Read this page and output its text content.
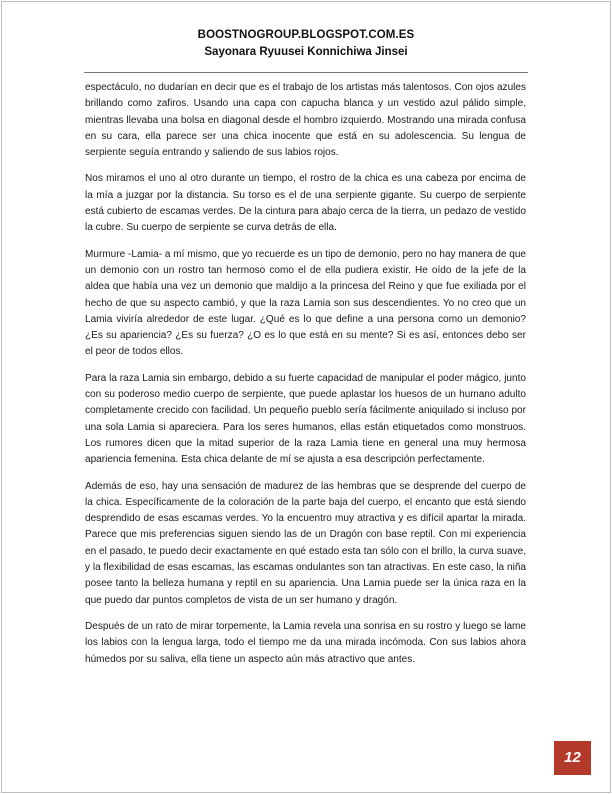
BOOSTNOGROUP.BLOGSPOT.COM.ES
Sayonara Ryuusei Konnichiwa Jinsei

espectáculo, no dudarían en decir que es el trabajo de los artistas más talentosos. Con ojos azules brillando como zafiros. Usando una capa con capucha blanca y un vestido azul pálido simple, mientras llevaba una bolsa en diagonal desde el hombro izquierdo. Mostrando una mirada confusa en su cara, ella parece ser una chica inocente que está en su adolescencia. Su lengua de serpiente seguía entrando y saliendo de sus labios rojos.

Nos miramos el uno al otro durante un tiempo, el rostro de la chica es una cabeza por encima de la mía a juzgar por la distancia. Su torso es el de una serpiente gigante. Su cuerpo de serpiente está cubierto de escamas verdes. De la cintura para abajo cerca de la tierra, un pedazo de vestido la cubre. Su cuerpo de serpiente se curva detrás de ella.

Murmure -Lamia- a mí mismo, que yo recuerde es un tipo de demonio, pero no hay manera de que un demonio con un rostro tan hermoso como el de ella pudiera existir. He oído de la jefe de la aldea que había una vez un demonio que maldijo a la princesa del Reino y que fue exiliada por el hecho de que su aspecto cambió, y que la raza Lamia son sus descendientes. Yo no creo que un Lamia viviría alrededor de este lugar. ¿Qué es lo que define a una persona como un demonio? ¿Es su apariencia? ¿Es su fuerza? ¿O es lo que está en su mente? Si es así, entonces debo ser el peor de todos ellos.

Para la raza Lamia sin embargo, debido a su fuerte capacidad de manipular el poder mágico, junto con su poderoso medio cuerpo de serpiente, que puede aplastar los huesos de un humano adulto completamente crecido con facilidad. Un pequeño pueblo sería fácilmente aniquilado si incluso por una sola Lamia si apareciera. Para los seres humanos, ellas están etiquetados como monstruos. Los rumores dicen que la mitad superior de la raza Lamia tiene en general una muy hermosa apariencia femenina. Esta chica delante de mí se ajusta a esa descripción perfectamente.

Además de eso, hay una sensación de madurez de las hembras que se desprende del cuerpo de la chica. Específicamente de la coloración de la parte baja del cuerpo, el encanto que está siendo desprendido de esas escamas verdes. Yo la encuentro muy atractiva y es difícil apartar la mirada. Parece que mis preferencias siguen siendo las de un Dragón con base reptil. Con mi experiencia en el pasado, te puedo decir exactamente en qué estado esta tan sólo con el brillo, la curva suave, y la flexibilidad de esas escamas, las escamas ondulantes son tan atractivas. En este caso, la niña posee tanto la belleza humana y reptil en su apariencia. Una Lamia puede ser la única raza en la que puedo dar puntos completos de vista de un ser humano y dragón.

Después de un rato de mirar torpemente, la Lamia revela una sonrisa en su rostro y luego se lame los labios con la lengua larga, todo el tiempo me da una mirada incómoda. Con sus labios ahora húmedos por su saliva, ella tiene un aspecto aún más atractivo que antes.

12
